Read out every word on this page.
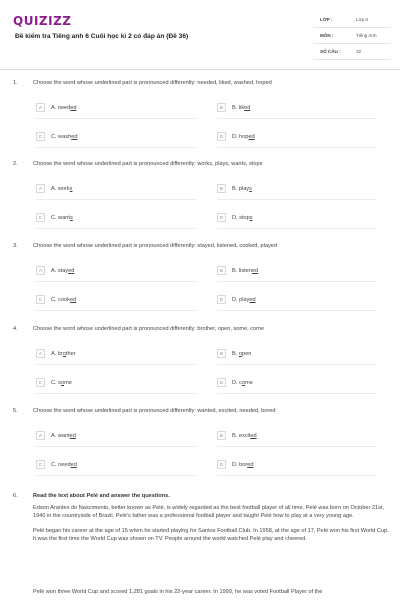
QUIZIZZ
Đề kiểm tra Tiếng anh 6 Cuối học kì 2 có đáp án (Đề 36)
LỚP :	Lớp 6
MÔN :	Tiếng Anh
SỐ CÂU :	32
1.	Choose the word whose underlined part is pronounced differently: needed, liked, washed, hoped
A	A. needed	B	B. liked
C	C. washed	D	D. hoped
2.	Choose the word whose underlined part is pronounced differently: works, plays, wants, stops
A	A. works	B	B. plays
C	C. wants	D	D. stops
3.	Choose the word whose underlined part is pronounced differently: stayed, listened, cooked, played
A	A. stayed	B	B. listened
C	C. cooked	D	D. played
4.	Choose the word whose underlined part is pronounced differently: brother, open, some, come
A	A. brother	B	B. open
C	C. some	D	D. come
5.	Choose the word whose underlined part is pronounced differently: wanted, excited, needed, bored
A	A. wanted	B	B. excited
C	C. needed	D	D. bored
6.	Read the text about Pelé and answer the questions.
Edson Arantes do Nascimento, better known as Pelé, is widely regarded as the best football player of all time. Pelé was born on October 21st, 1940 in the countryside of Brazil. Pelé's father was a professional football player and taught Pelé how to play at a very young age.
Pelé began his career at the age of 15 when he started playing for Santos Football Club. In 1958, at the age of 17, Pelé won his first World Cup. It was the first time the World Cup was shown on TV. People around the world watched Pelé play and cheered.
Pelé won three World Cup and scored 1,281 goals in his 22-year career. In 1999, he was voted Football Player of the
